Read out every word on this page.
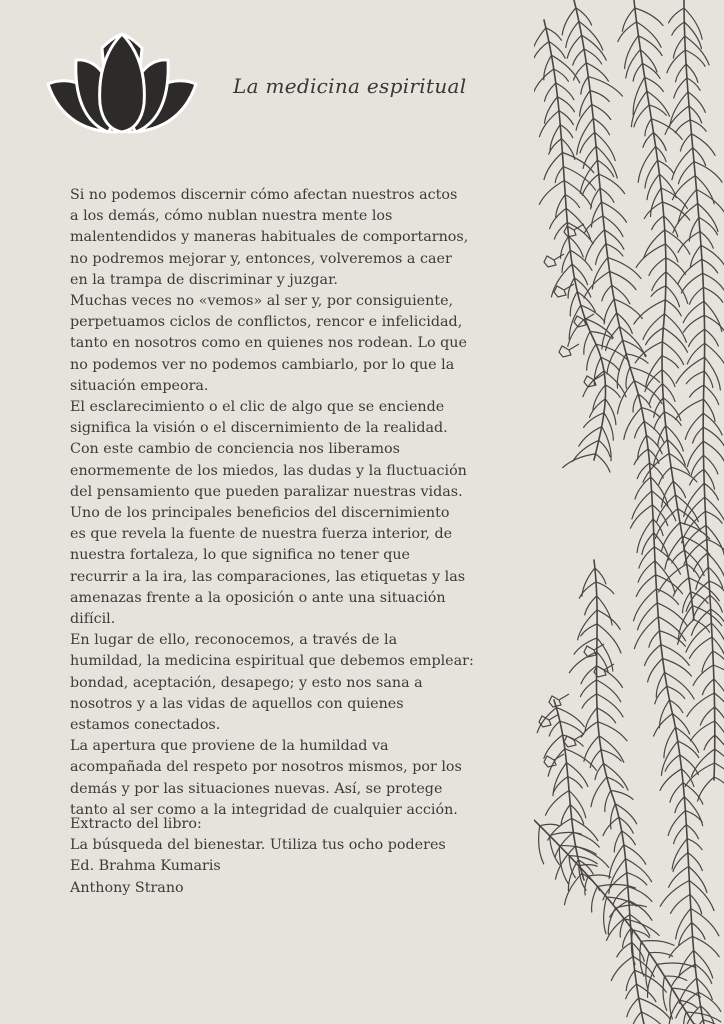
La medicina espiritual

Si no podemos discernir cómo afectan nuestros actos
a los demás, cómo nublan nuestra mente los
malentendidos y maneras habituales de comportarnos,
no podremos mejorar y, entonces, volveremos a caer
en la trampa de discriminar y juzgar.

Muchas veces no «vemos» al ser y, por consiguiente,
perpetuamos ciclos de conflictos, rencor e infelicidad,
tanto en nosotros como en quienes nos rodean. Lo que
no podemos ver no podemos cambiarlo, por lo que la
situación empeora.

El esclarecimiento o el clic de algo que se enciende
significa la visión o el discernimiento de la realidad.
Con este cambio de conciencia nos liberamos
enormemente de los miedos, las dudas y la fluctuación
del pensamiento que pueden paralizar nuestras vidas.
Uno de los principales beneficios del discernimiento
es que revela la fuente de nuestra fuerza interior, de
nuestra fortaleza, lo que significa no tener que
recurrir a la ira, las comparaciones, las etiquetas y las
amenazas frente a la oposición o ante una situación
difícil.

En lugar de ello, reconocemos, a través de la
humildad, la medicina espiritual que debemos emplear:
bondad, aceptación, desapego; y esto nos sana a
nosotros y a las vidas de aquellos con quienes
estamos conectados.

La apertura que proviene de la humildad va
acompañada del respeto por nosotros mismos, por los
demás y por las situaciones nuevas. Así, se protege
tanto al ser como a la integridad de cualquier acción.

Extracto del libro:
La búsqueda del bienestar. Utiliza tus ocho poderes
Ed. Brahma Kumaris
Anthony Strano
